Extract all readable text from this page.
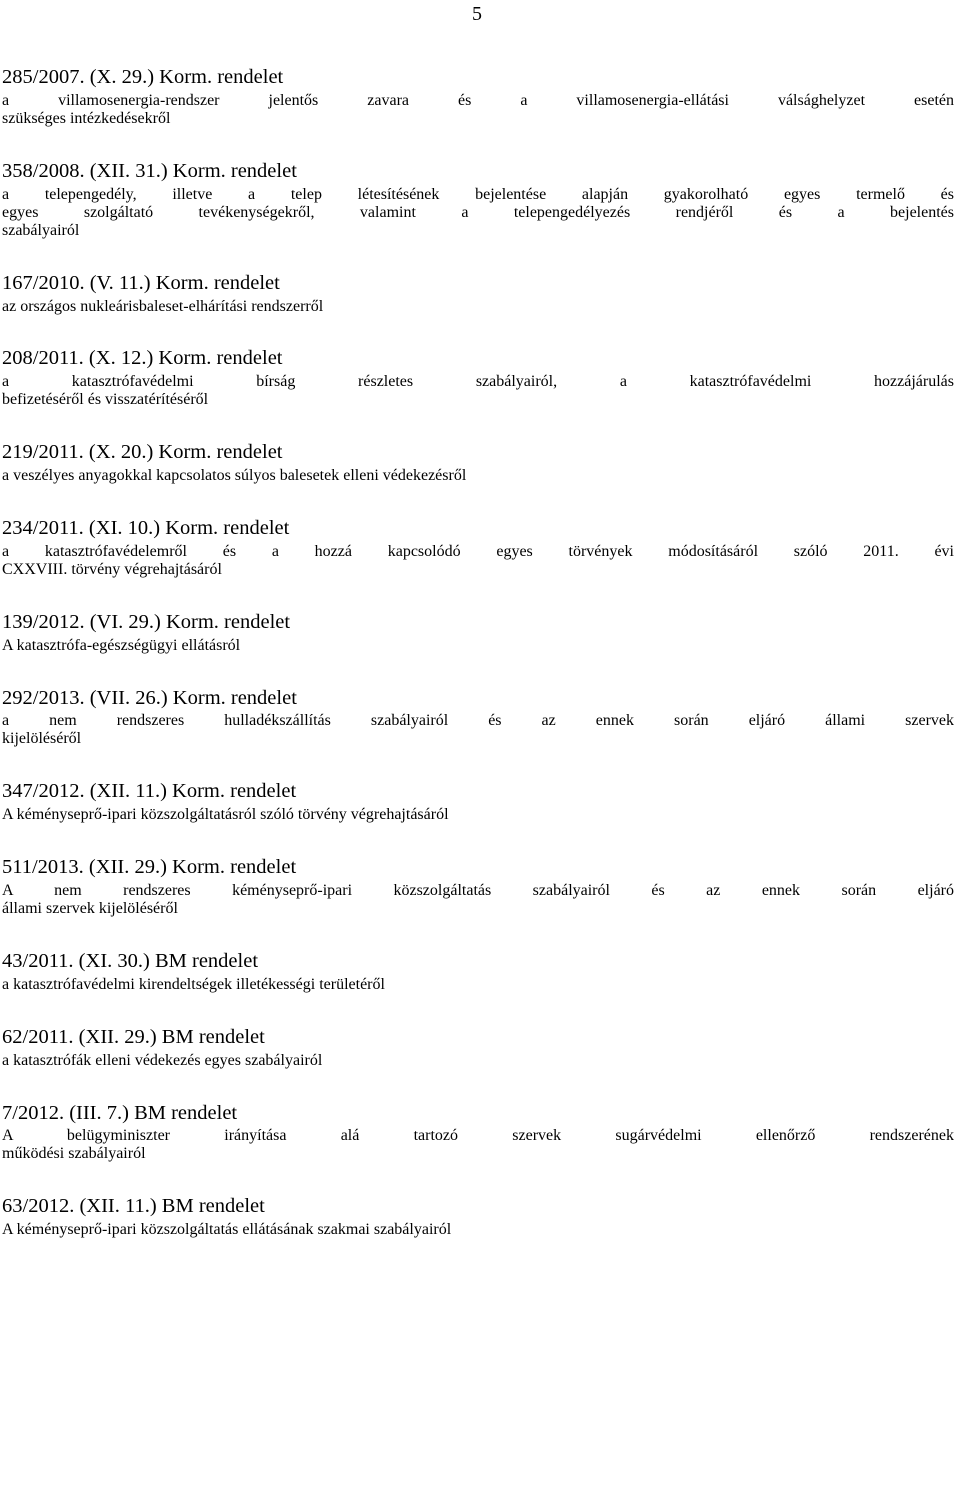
5
285/2007. (X. 29.) Korm. rendelet
a villamosenergia-rendszer jelentős zavara és a villamosenergia-ellátási válsághelyzet esetén
szükséges intézkedésekről
358/2008. (XII. 31.) Korm. rendelet
a telepengedély, illetve a telep létesítésének bejelentése alapján gyakorolható egyes termelő és
egyes szolgáltató tevékenységekről, valamint a telepengedélyezés rendjéről és a bejelentés
szabályairól
167/2010. (V. 11.) Korm. rendelet
az országos nukleárisbaleset-elhárítási rendszerről
208/2011. (X. 12.) Korm. rendelet
a katasztrófavédelmi bírság részletes szabályairól, a katasztrófavédelmi hozzájárulás
befizetéséről és visszatérítéséről
219/2011. (X. 20.) Korm. rendelet
a veszélyes anyagokkal kapcsolatos súlyos balesetek elleni védekezésről
234/2011. (XI. 10.) Korm. rendelet
a katasztrófavédelemről és a hozzá kapcsolódó egyes törvények módosításáról szóló 2011. évi
CXXVIII. törvény végrehajtásáról
139/2012. (VI. 29.) Korm. rendelet
A katasztrófa-egészségügyi ellátásról
292/2013. (VII. 26.) Korm. rendelet
a nem rendszeres hulladékszállítás szabályairól és az ennek során eljáró állami szervek
kijelöléséről
347/2012. (XII. 11.) Korm. rendelet
A kéményseprő-ipari közszolgáltatásról szóló törvény végrehajtásáról
511/2013. (XII. 29.) Korm. rendelet
A nem rendszeres kéményseprő-ipari közszolgáltatás szabályairól és az ennek során eljáró
állami szervek kijelöléséről
43/2011. (XI. 30.) BM rendelet
a katasztrófavédelmi kirendeltségek illetékességi területéről
62/2011. (XII. 29.) BM rendelet
a katasztrófák elleni védekezés egyes szabályairól
7/2012. (III. 7.) BM rendelet
A belügyminiszter irányítása alá tartozó szervek sugárvédelmi ellenőrző rendszerének
működési szabályairól
63/2012. (XII. 11.) BM rendelet
A kéményseprő-ipari közszolgáltatás ellátásának szakmai szabályairól
